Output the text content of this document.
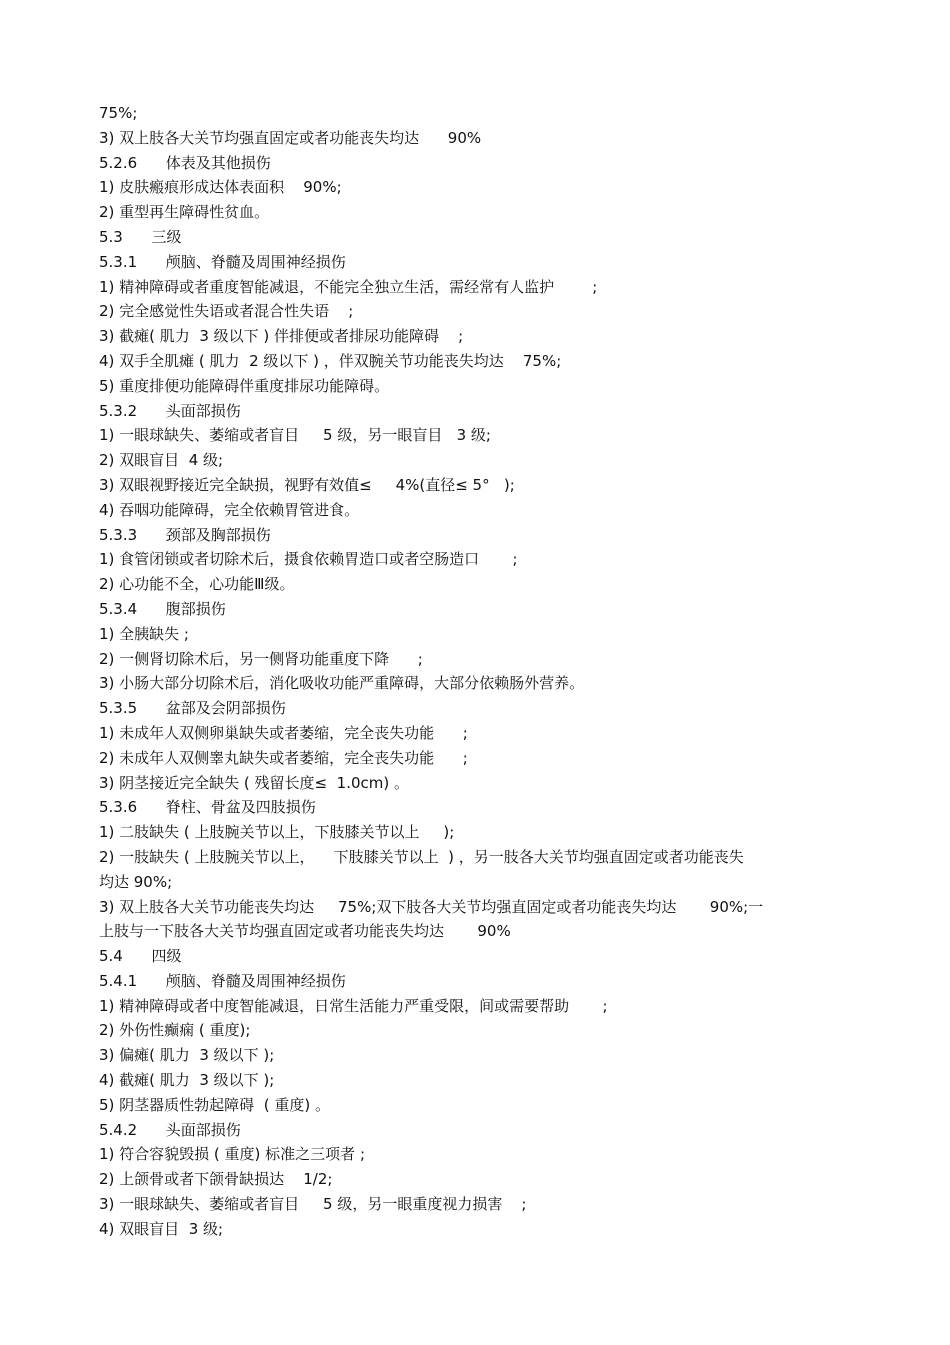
75%;
3) 双上肢各大关节均强直固定或者功能丧失均达      90%
5.2.6      体表及其他损伤
1) 皮肤瘢痕形成达体表面积    90%;
2) 重型再生障碍性贫血。
5.3      三级
5.3.1      颅脑、脊髓及周围神经损伤
1) 精神障碍或者重度智能减退，不能完全独立生活，需经常有人监护        ;
2) 完全感觉性失语或者混合性失语    ;
3) 截瘫( 肌力  3 级以下 ) 伴排便或者排尿功能障碍    ;
4) 双手全肌瘫 ( 肌力  2 级以下 ) ，伴双腕关节功能丧失均达    75%;
5) 重度排便功能障碍伴重度排尿功能障碍。
5.3.2      头面部损伤
1) 一眼球缺失、萎缩或者盲目     5 级，另一眼盲目   3 级;
2) 双眼盲目  4 级;
3) 双眼视野接近完全缺损，视野有效值≤     4%(直径≤ 5°   );
4) 吞咽功能障碍，完全依赖胃管进食。
5.3.3      颈部及胸部损伤
1) 食管闭锁或者切除术后，摄食依赖胃造口或者空肠造口       ;
2) 心功能不全，心功能Ⅲ级。
5.3.4      腹部损伤
1) 全胰缺失 ;
2) 一侧肾切除术后，另一侧肾功能重度下降      ;
3) 小肠大部分切除术后，消化吸收功能严重障碍，大部分依赖肠外营养。
5.3.5      盆部及会阴部损伤
1) 未成年人双侧卵巢缺失或者萎缩，完全丧失功能      ;
2) 未成年人双侧睾丸缺失或者萎缩，完全丧失功能      ;
3) 阴茎接近完全缺失 ( 残留长度≤  1.0cm) 。
5.3.6      脊柱、骨盆及四肢损伤
1) 二肢缺失 ( 上肢腕关节以上，下肢膝关节以上     );
2) 一肢缺失 ( 上肢腕关节以上，    下肢膝关节以上  ) ，另一肢各大关节均强直固定或者功能丧失
均达 90%;
3) 双上肢各大关节功能丧失均达     75%;双下肢各大关节均强直固定或者功能丧失均达       90%;一
上肢与一下肢各大关节均强直固定或者功能丧失均达       90%
5.4      四级
5.4.1      颅脑、脊髓及周围神经损伤
1) 精神障碍或者中度智能减退，日常生活能力严重受限，间或需要帮助       ;
2) 外伤性癫痫 ( 重度);
3) 偏瘫( 肌力  3 级以下 );
4) 截瘫( 肌力  3 级以下 );
5) 阴茎器质性勃起障碍  ( 重度) 。
5.4.2      头面部损伤
1) 符合容貌毁损 ( 重度) 标准之三项者 ;
2) 上颌骨或者下颌骨缺损达    1/2;
3) 一眼球缺失、萎缩或者盲目     5 级，另一眼重度视力损害    ;
4) 双眼盲目  3 级;
